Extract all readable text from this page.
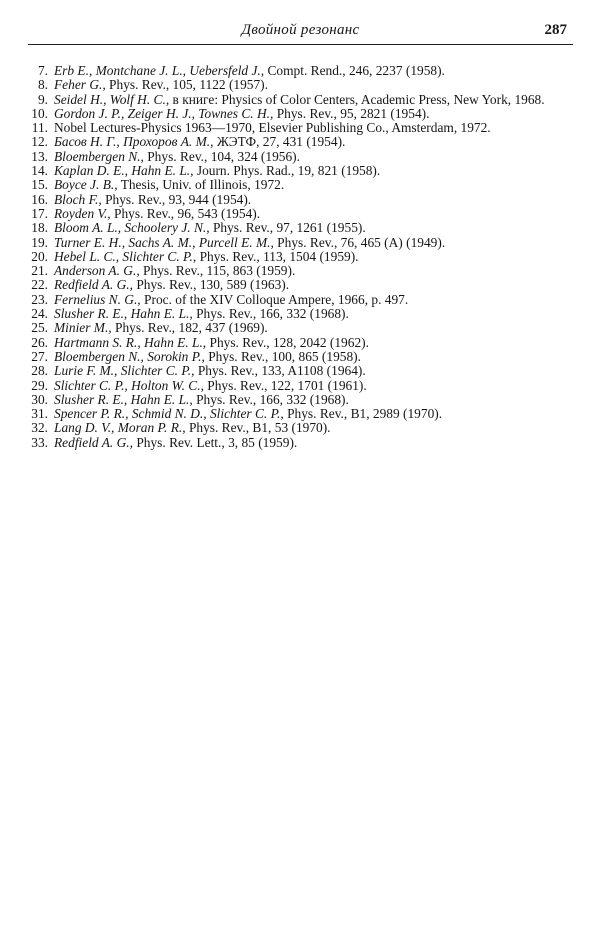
Двойной резонанс	287
7. Erb E., Montchane J. L., Uebersfeld J., Compt. Rend., 246, 2237 (1958).
8. Feher G., Phys. Rev., 105, 1122 (1957).
9. Seidel H., Wolf H. C., в книге: Physics of Color Centers, Academic Press, New York, 1968.
10. Gordon J. P., Zeiger H. J., Townes C. H., Phys. Rev., 95, 2821 (1954).
11. Nobel Lectures-Physics 1963—1970, Elsevier Publishing Co., Amsterdam, 1972.
12. Басов Н. Г., Прохоров А. М., ЖЭТФ, 27, 431 (1954).
13. Bloembergen N., Phys. Rev., 104, 324 (1956).
14. Kaplan D. E., Hahn E. L., Journ. Phys. Rad., 19, 821 (1958).
15. Boyce J. B., Thesis, Univ. of Illinois, 1972.
16. Bloch F., Phys. Rev., 93, 944 (1954).
17. Royden V., Phys. Rev., 96, 543 (1954).
18. Bloom A. L., Schoolery J. N., Phys. Rev., 97, 1261 (1955).
19. Turner E. H., Sachs A. M., Purcell E. M., Phys. Rev., 76, 465 (A) (1949).
20. Hebel L. C., Slichter C. P., Phys. Rev., 113, 1504 (1959).
21. Anderson A. G., Phys. Rev., 115, 863 (1959).
22. Redfield A. G., Phys. Rev., 130, 589 (1963).
23. Fernelius N. G., Proc. of the XIV Colloque Ampere, 1966, p. 497.
24. Slusher R. E., Hahn E. L., Phys. Rev., 166, 332 (1968).
25. Minier M., Phys. Rev., 182, 437 (1969).
26. Hartmann S. R., Hahn E. L., Phys. Rev., 128, 2042 (1962).
27. Bloembergen N., Sorokin P., Phys. Rev., 100, 865 (1958).
28. Lurie F. M., Slichter C. P., Phys. Rev., 133, A1108 (1964).
29. Slichter C. P., Holton W. C., Phys. Rev., 122, 1701 (1961).
30. Slusher R. E., Hahn E. L., Phys. Rev., 166, 332 (1968).
31. Spencer P. R., Schmid N. D., Slichter C. P., Phys. Rev., B1, 2989 (1970).
32. Lang D. V., Moran P. R., Phys. Rev., B1, 53 (1970).
33. Redfield A. G., Phys. Rev. Lett., 3, 85 (1959).
